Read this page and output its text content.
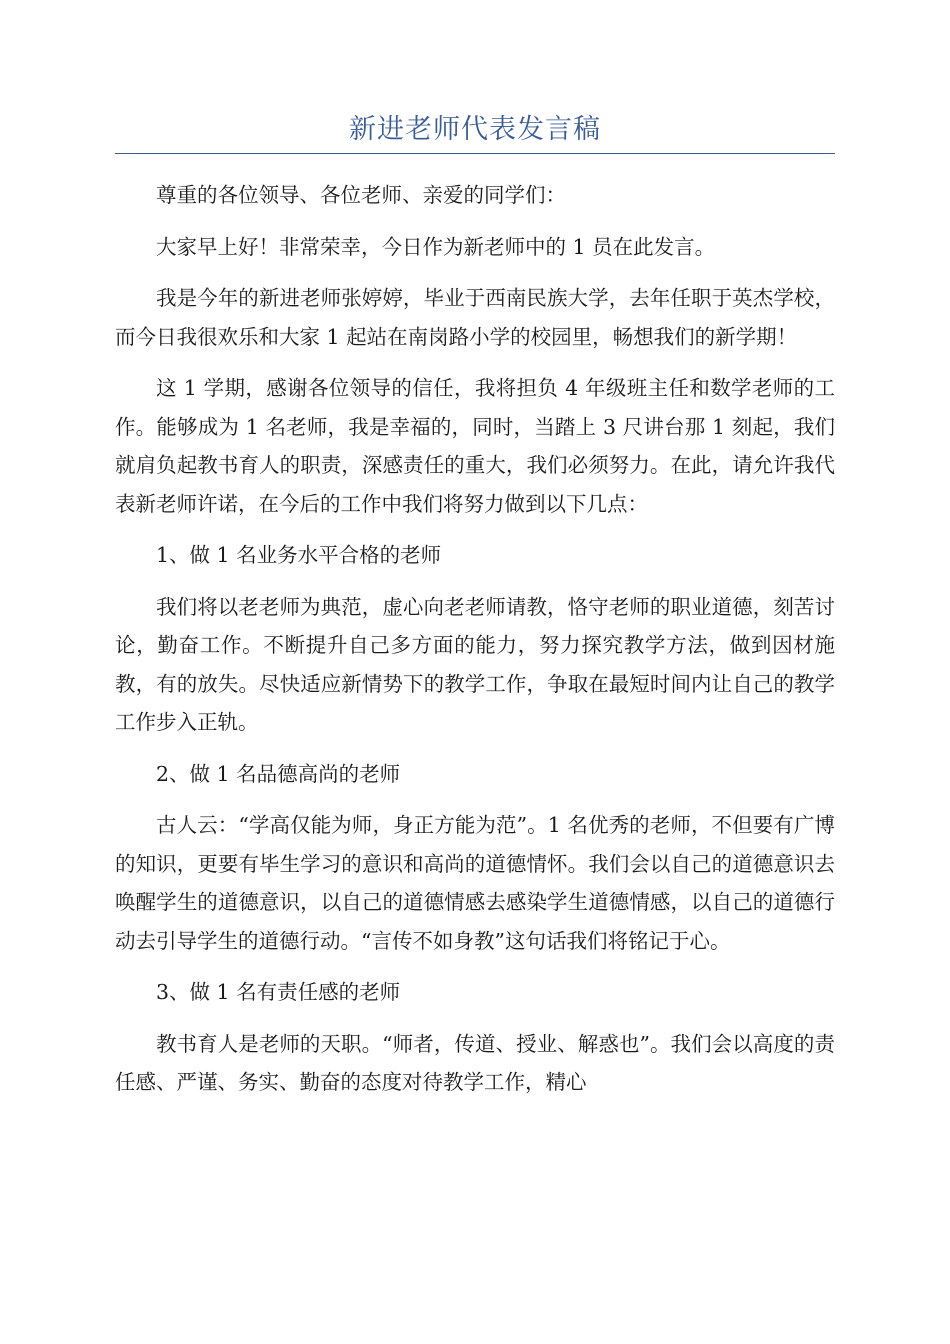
新进老师代表发言稿

尊重的各位领导、各位老师、亲爱的同学们：

大家早上好！非常荣幸，今日作为新老师中的 1 员在此发言。

我是今年的新进老师张婷婷，毕业于西南民族大学，去年任职于英杰学校，而今日我很欢乐和大家 1 起站在南岗路小学的校园里，畅想我们的新学期！

这 1 学期，感谢各位领导的信任，我将担负 4 年级班主任和数学老师的工作。能够成为 1 名老师，我是幸福的，同时，当踏上 3 尺讲台那 1 刻起，我们就肩负起教书育人的职责，深感责任的重大，我们必须努力。在此，请允许我代表新老师许诺，在今后的工作中我们将努力做到以下几点：

1、做 1 名业务水平合格的老师

我们将以老老师为典范，虚心向老老师请教，恪守老师的职业道德，刻苦讨论，勤奋工作。不断提升自己多方面的能力，努力探究教学方法，做到因材施教，有的放失。尽快适应新情势下的教学工作，争取在最短时间内让自己的教学工作步入正轨。

2、做 1 名品德高尚的老师

古人云：“学高仅能为师，身正方能为范”。1 名优秀的老师，不但要有广博的知识，更要有毕生学习的意识和高尚的道德情怀。我们会以自己的道德意识去唤醒学生的道德意识，以自己的道德情感去感染学生道德情感，以自己的道德行动去引导学生的道德行动。“言传不如身教”这句话我们将铭记于心。

3、做 1 名有责任感的老师

教书育人是老师的天职。“师者，传道、授业、解惑也”。我们会以高度的责任感、严谨、务实、勤奋的态度对待教学工作，精心
